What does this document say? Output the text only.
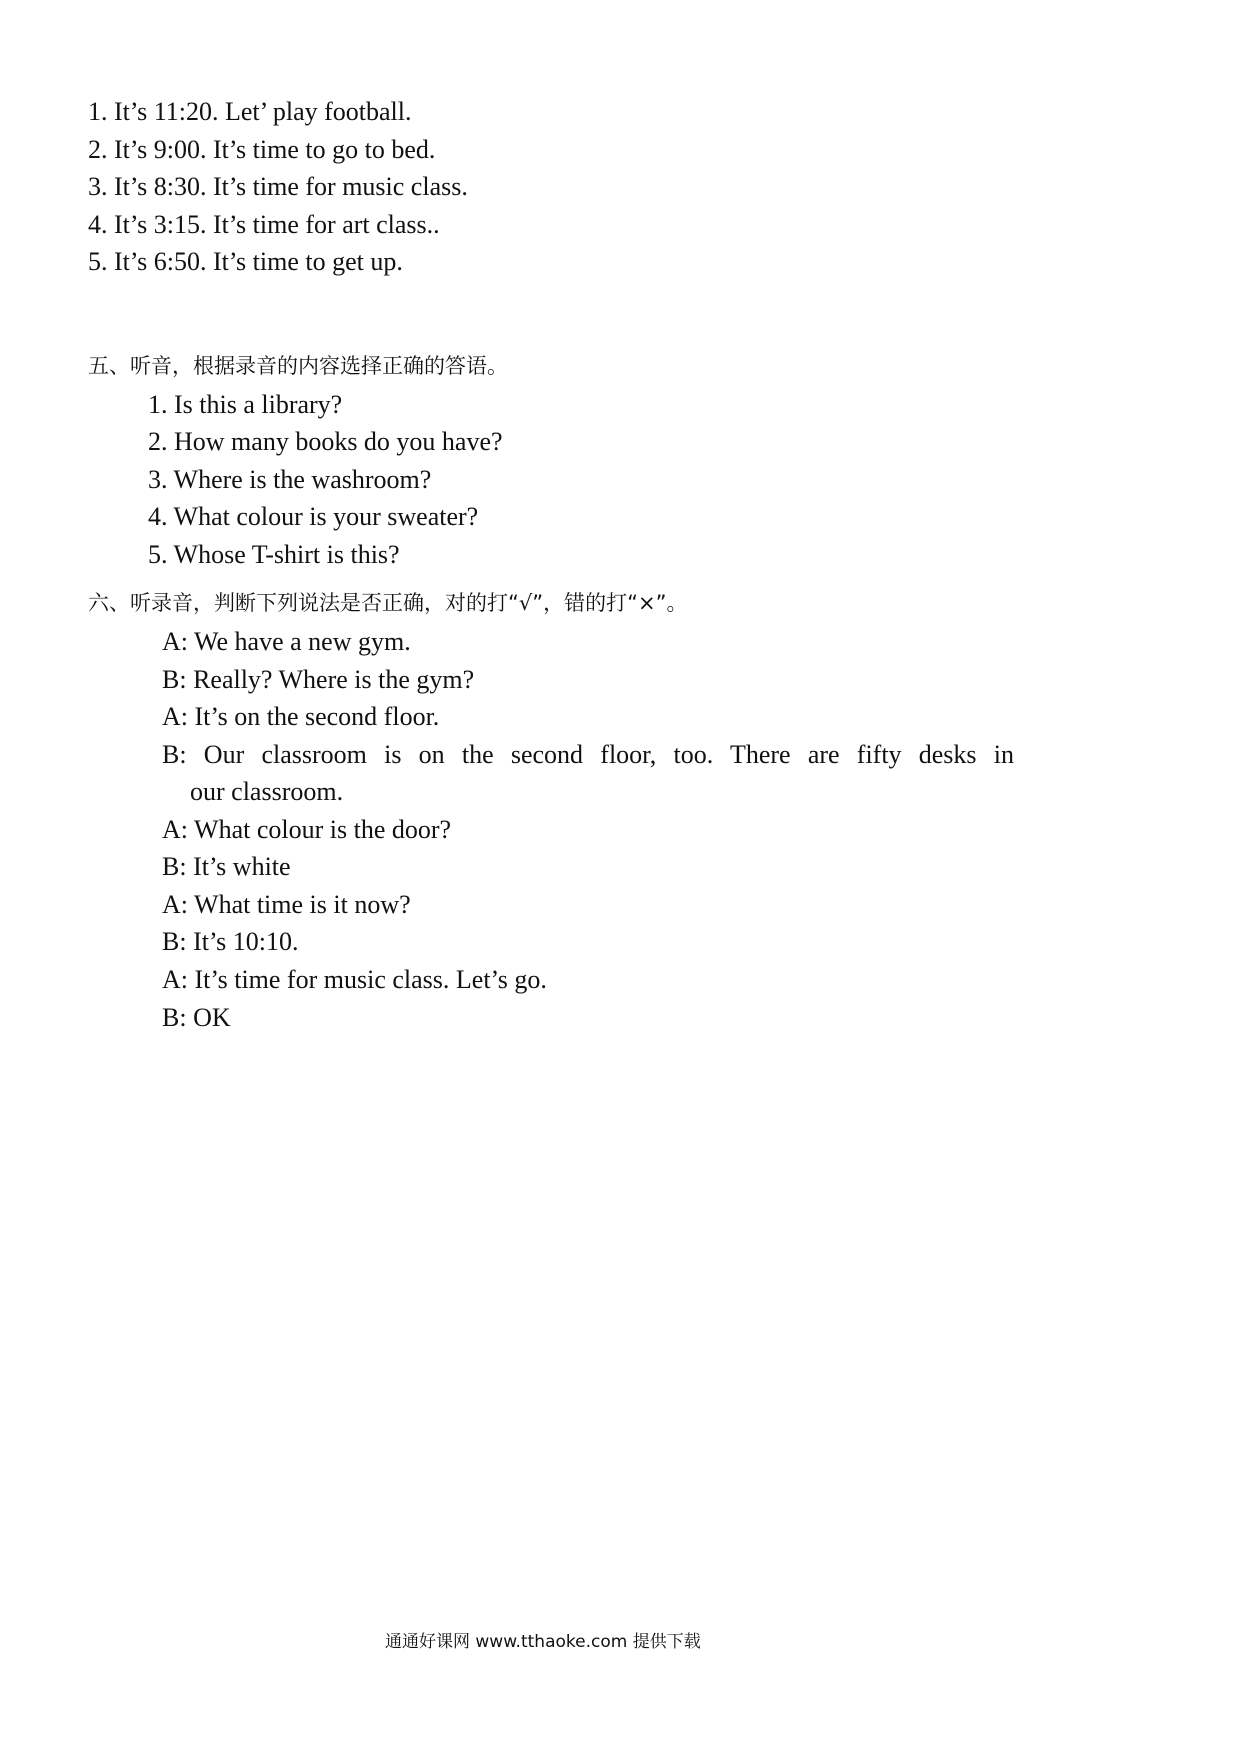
1. It’s 11:20. Let’ play football.
2. It’s 9:00. It’s time to go to bed.
3. It’s 8:30. It’s time for music class.
4. It’s 3:15. It’s time for art class..
5. It’s 6:50. It’s time to get up.
五、听音，根据录音的内容选择正确的答语。
1. Is this a library?
2. How many books do you have?
3. Where is the washroom?
4. What colour is your sweater?
5. Whose T-shirt is this?
六、听录音，判断下列说法是否正确，对的打“√”，错的打“×”。
A: We have a new gym.
B: Really? Where is the gym?
A: It’s on the second floor.
B: Our classroom is on the second floor, too. There are fifty desks in
our classroom.
A: What colour is the door?
B: It’s white
A: What time is it now?
B: It’s 10:10.
A: It’s time for music class. Let’s go.
B: OK
通通好课网 www.tthaoke.com 提供下载
